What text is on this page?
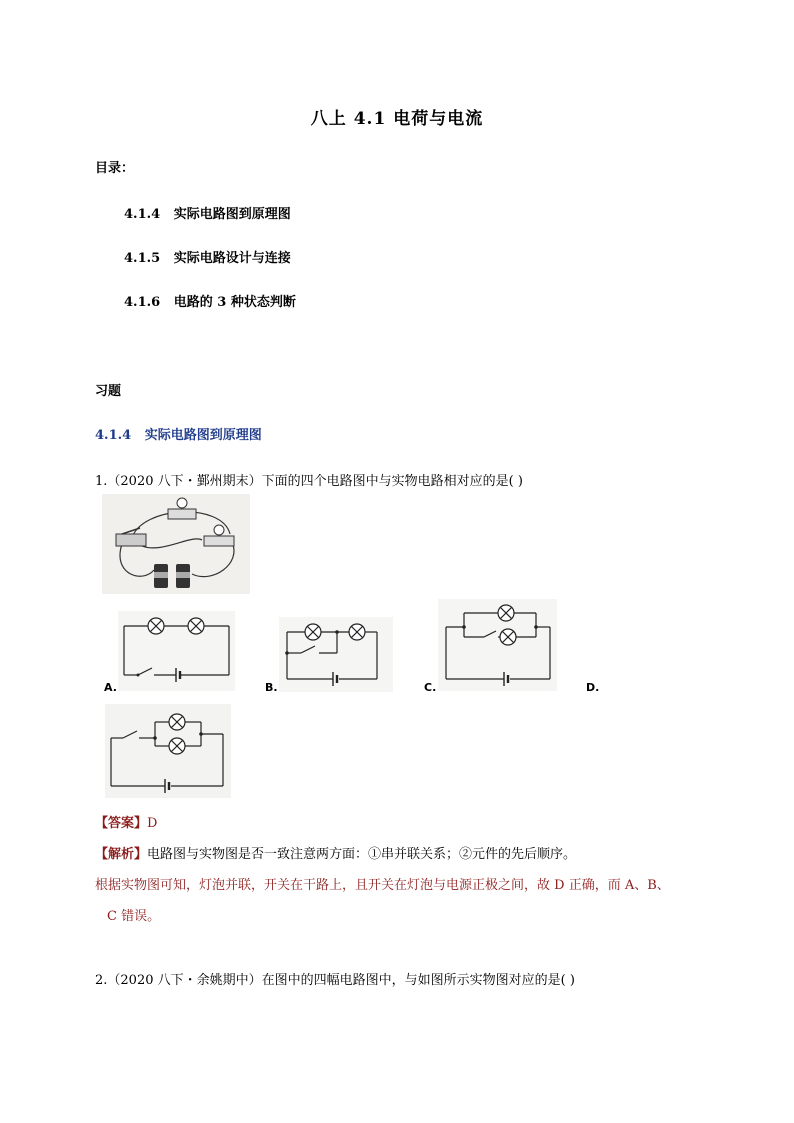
八上 4.1 电荷与电流
目录：
4.1.4 实际电路图到原理图
4.1.5 实际电路设计与连接
4.1.6 电路的 3 种状态判断
习题
4.1.4 实际电路图到原理图
1.（2020 八下・鄞州期末）下面的四个电路图中与实物电路相对应的是( )
A.	B.	C.	D.
【答案】D
【解析】电路图与实物图是否一致注意两方面：①串并联关系；②元件的先后顺序。
根据实物图可知，灯泡并联，开关在干路上，且开关在灯泡与电源正极之间，故 D 正确，而 A、B、
C 错误。
2.（2020 八下・余姚期中）在图中的四幅电路图中，与如图所示实物图对应的是( )
